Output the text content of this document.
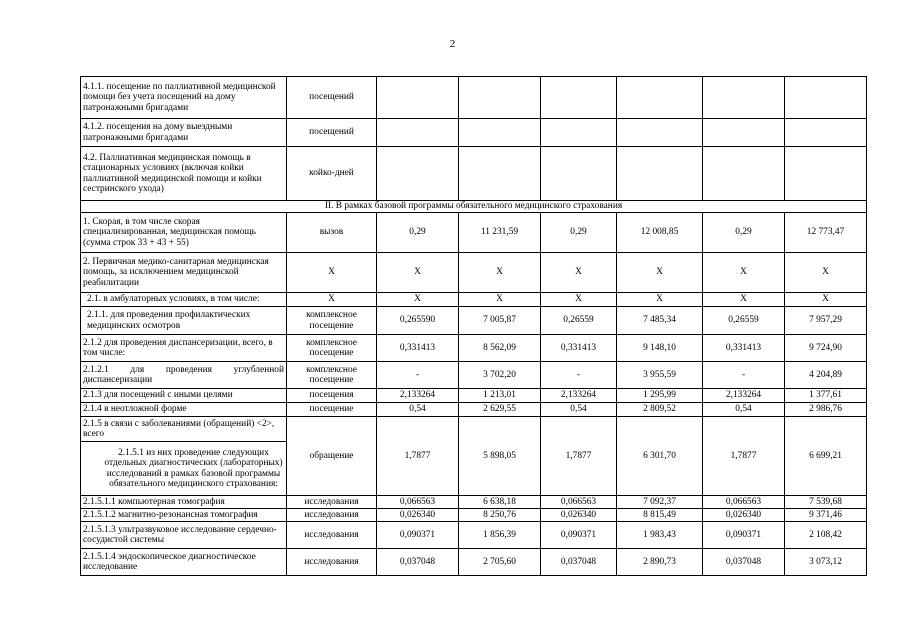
2
4.1.1. посещение по паллиативной медицинской помощи без учета посещений на дому патронажными бригадами	посещений						
4.1.2. посещения на дому выездными патронажными бригадами	посещений						
4.2. Паллиативная медицинская помощь в стационарных условиях (включая койки паллиативной медицинской помощи и койки сестринского ухода)	койко-дней						
II. В рамках базовой программы обязательного медицинского страхования							
1. Скорая, в том числе скорая специализированная, медицинская помощь (сумма строк 33 + 43 + 55)	вызов	0,29	11 231,59	0,29	12 008,85	0,29	12 773,47
2. Первичная медико-санитарная медицинская помощь, за исключением медицинской реабилитации	Х	Х	Х	Х	Х	Х	Х
2.1. в амбулаторных условиях, в том числе:	Х	Х	Х	Х	Х	Х	Х
2.1.1. для проведения профилактических медицинских осмотров	комплексное посещение	0,265590	7 005,87	0,26559	7 485,34	0,26559	7 957,29
2.1.2 для проведения диспансеризации, всего, в том числе:	комплексное посещение	0,331413	8 562,09	0,331413	9 148,10	0,331413	9 724,90
2.1.2.1 для проведения углубленной диспансеризации	комплексное посещение	-	3 702,20	-	3 955,59	-	4 204,89
2.1.3 для посещений с иными целями	посещения	2,133264	1 213,01	2,133264	1 295,99	2,133264	1 377,61
2.1.4 в неотложной форме	посещение	0,54	2 629,55	0,54	2 809,52	0,54	2 986,76
2.1.5 в связи с заболеваниями (обращений) <2>, всего	обращение	1,7877	5 898,05	1,7877	6 301,70	1,7877	6 699,21
2.1.5.1 из них проведение следующих отдельных диагностических (лабораторных) исследований в рамках базовой программы обязательного медицинского страхования:							
2.1.5.1.1 компьютерная томография	исследования	0,066563	6 638,18	0,066563	7 092,37	0,066563	7 539,68
2.1.5.1.2 магнитно-резонансная томография	исследования	0,026340	8 250,76	0,026340	8 815,49	0,026340	9 371,46
2.1.5.1.3 ультразвуковое исследование сердечно-сосудистой системы	исследования	0,090371	1 856,39	0,090371	1 983,43	0,090371	2 108,42
2.1.5.1.4 эндоскопическое диагностическое исследование	исследования	0,037048	2 705,60	0,037048	2 890,73	0,037048	3 073,12
